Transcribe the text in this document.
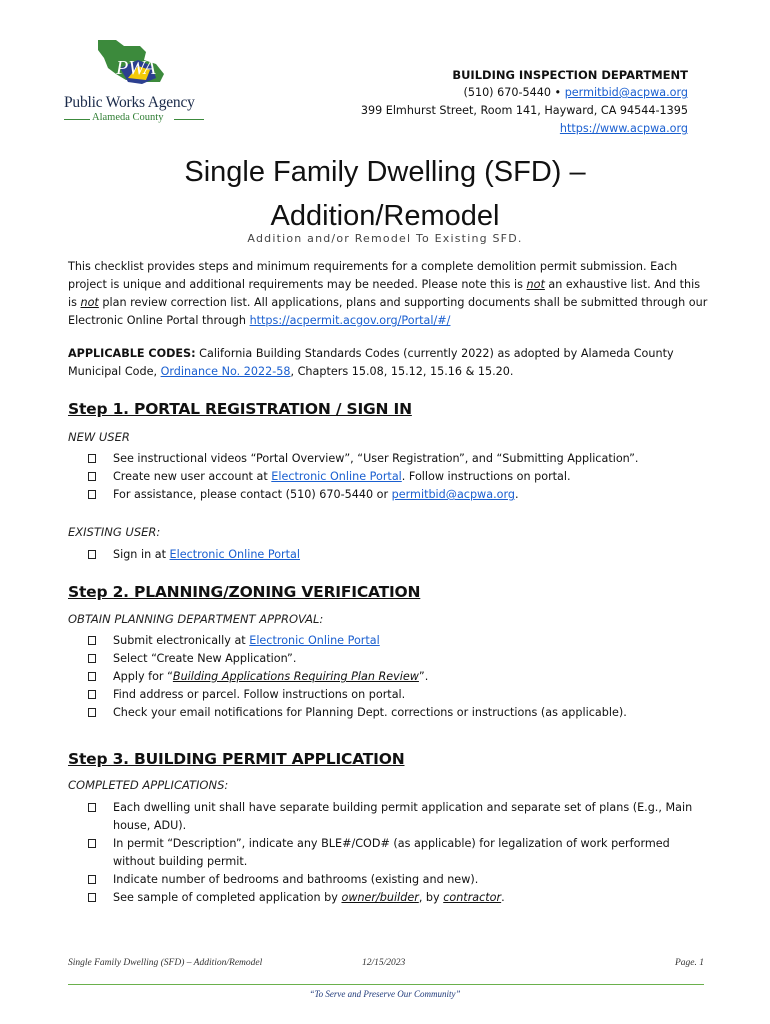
PWA
Public Works Agency
Alameda County
BUILDING INSPECTION DEPARTMENT
(510) 670-5440 • permitbid@acpwa.org
399 Elmhurst Street, Room 141, Hayward, CA 94544-1395
https://www.acpwa.org
Single Family Dwelling (SFD) –
Addition/Remodel
Addition and/or Remodel To Existing SFD.
This checklist provides steps and minimum requirements for a complete demolition permit submission. Each project is unique and additional requirements may be needed. Please note this is not an exhaustive list. And this is not plan review correction list. All applications, plans and supporting documents shall be submitted through our Electronic Online Portal through https://acpermit.acgov.org/Portal/#/
APPLICABLE CODES: California Building Standards Codes (currently 2022) as adopted by Alameda County Municipal Code, Ordinance No. 2022-58, Chapters 15.08, 15.12, 15.16 & 15.20.
Step 1. PORTAL REGISTRATION / SIGN IN
NEW USER
See instructional videos “Portal Overview”, “User Registration”, and “Submitting Application”.
Create new user account at Electronic Online Portal. Follow instructions on portal.
For assistance, please contact (510) 670-5440 or permitbid@acpwa.org.
EXISTING USER:
Sign in at Electronic Online Portal
Step 2. PLANNING/ZONING VERIFICATION
OBTAIN PLANNING DEPARTMENT APPROVAL:
Submit electronically at Electronic Online Portal
Select “Create New Application”.
Apply for “Building Applications Requiring Plan Review”.
Find address or parcel. Follow instructions on portal.
Check your email notifications for Planning Dept. corrections or instructions (as applicable).
Step 3. BUILDING PERMIT APPLICATION
COMPLETED APPLICATIONS:
Each dwelling unit shall have separate building permit application and separate set of plans (E.g., Main house, ADU).
In permit “Description”, indicate any BLE#/COD# (as applicable) for legalization of work performed without building permit.
Indicate number of bedrooms and bathrooms (existing and new).
See sample of completed application by owner/builder, by contractor.
Single Family Dwelling (SFD) – Addition/Remodel	12/15/2023	Page. 1
“To Serve and Preserve Our Community”
